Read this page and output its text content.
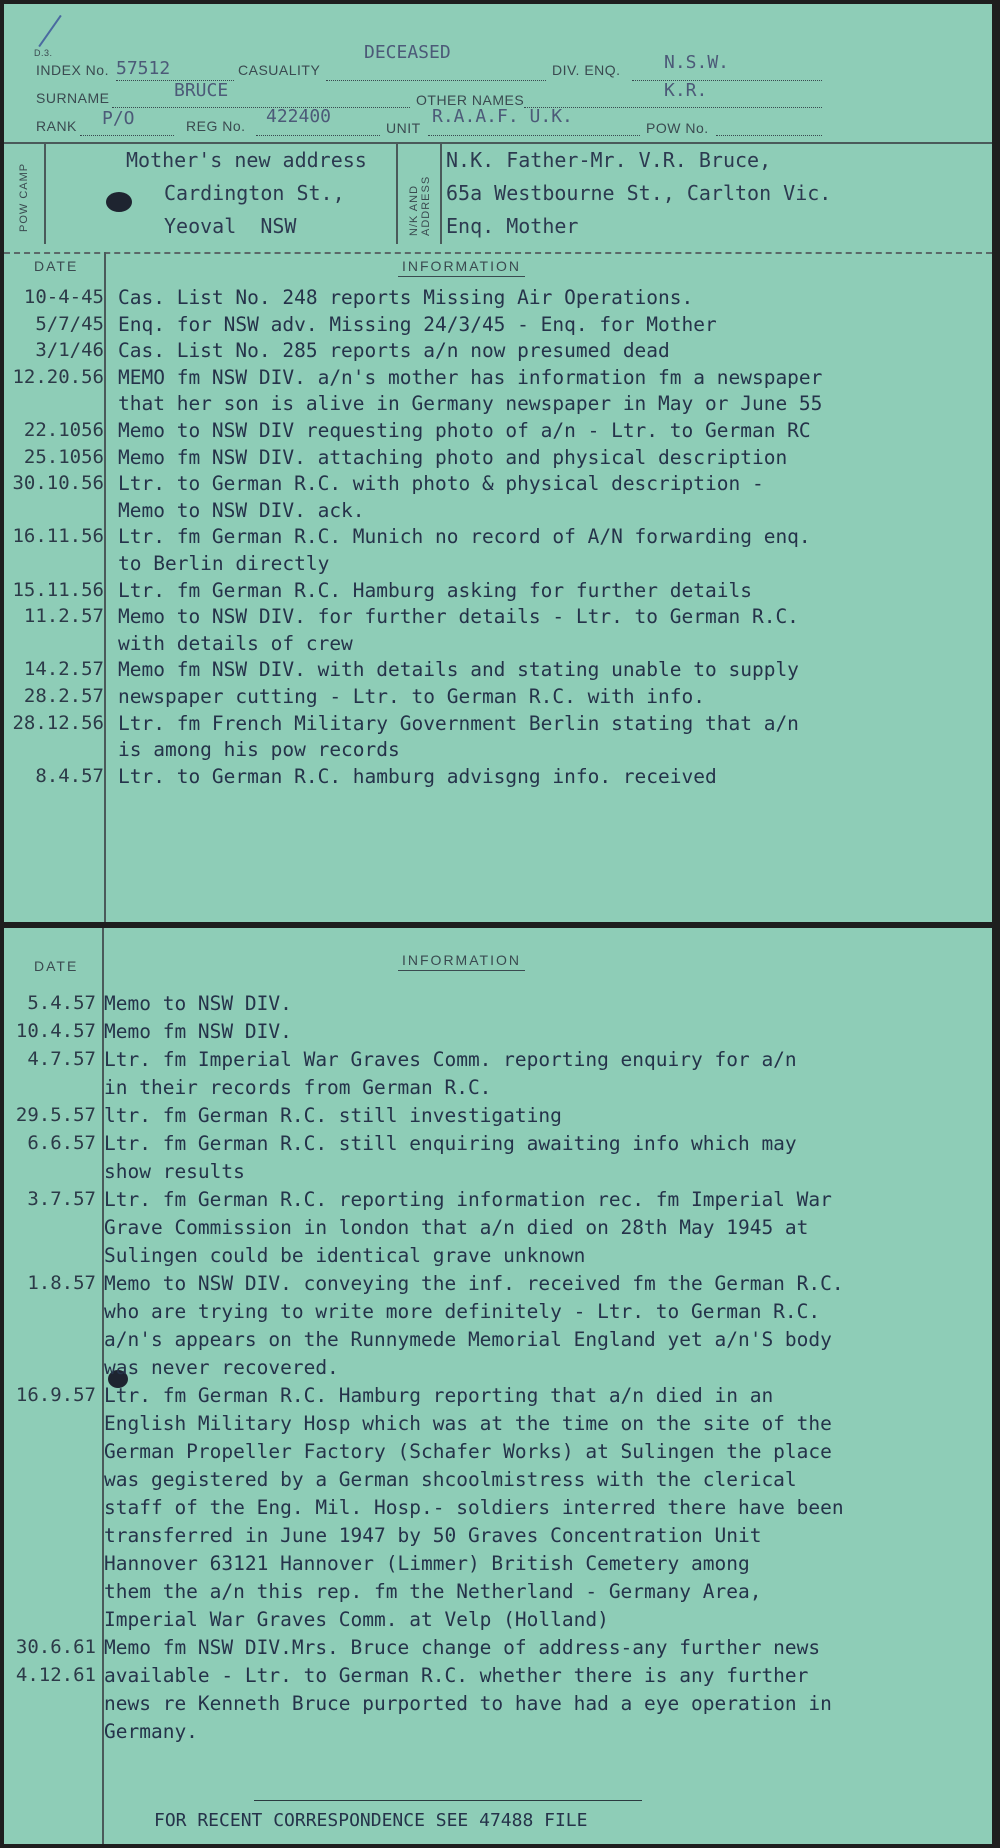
D.3.
INDEX No. 57512	CASUALITY
DECEASED
DIV. ENQ. N.S.W.
SURNAME	BRUCE	OTHER NAMES	K.R.
RANK P/O	REG No. 422400
UNIT
R.A.A.F. U.K.
POW No.
POW CAMP
Mother's new address
Cardington St.,
Yeoval  NSW	N/K AND ADDRESS
N.K. Father-Mr. V.R. Bruce,
65a Westbourne St., Carlton Vic.
Enq. Mother
DATE	INFORMATION
10-4-45 Cas. List No. 248 reports Missing Air Operations.
5/7/45 Enq. for NSW adv. Missing 24/3/45 - Enq. for Mother
3/1/46 Cas. List No. 285 reports a/n now presumed dead
12.20.56 MEMO fm NSW DIV. a/n's mother has information fm a newspaper
that her son is alive in Germany newspaper in May or June 55
22.1056 Memo to NSW DIV requesting photo of a/n - Ltr. to German RC
25.1056 Memo fm NSW DIV. attaching photo and physical description
30.10.56 Ltr. to German R.C. with photo & physical description -
Memo to NSW DIV. ack.
16.11.56 Ltr. fm German R.C. Munich no record of A/N forwarding enq.
to Berlin directly
15.11.56 Ltr. fm German R.C. Hamburg asking for further details
11.2.57 Memo to NSW DIV. for further details - Ltr. to German R.C.
with details of crew
14.2.57 Memo fm NSW DIV. with details and stating unable to supply
28.2.57 newspaper cutting - Ltr. to German R.C. with info.
28.12.56 Ltr. fm French Military Government Berlin stating that a/n
is among his pow records
8.4.57 Ltr. to German R.C. hamburg advisgng info. received
DATE	INFORMATION
5.4.57 Memo to NSW DIV.
10.4.57 Memo fm NSW DIV.
4.7.57 Ltr. fm Imperial War Graves Comm. reporting enquiry for a/n
in their records from German R.C.
29.5.57 ltr. fm German R.C. still investigating
6.6.57 Ltr. fm German R.C. still enquiring awaiting info which may
show results
3.7.57 Ltr. fm German R.C. reporting information rec. fm Imperial War
Grave Commission in london that a/n died on 28th May 1945 at
Sulingen could be identical grave unknown
1.8.57 Memo to NSW DIV. conveying the inf. received fm the German R.C.
who are trying to write more definitely - Ltr. to German R.C.
a/n's appears on the Runnymede Memorial England yet a/n'S body
was never recovered.
16.9.57 Ltr. fm German R.C. Hamburg reporting that a/n died in an
English Military Hosp which was at the time on the site of the
German Propeller Factory (Schafer Works) at Sulingen the place
was gegistered by a German shcoolmistress with the clerical
staff of the Eng. Mil. Hosp.- soldiers interred there have been
transferred in June 1947 by 50 Graves Concentration Unit
Hannover 63121 Hannover (Limmer) British Cemetery among
them the a/n this rep. fm the Netherland - Germany Area,
Imperial War Graves Comm. at Velp (Holland)
30.6.61 Memo fm NSW DIV.Mrs. Bruce change of address-any further news
4.12.61 available - Ltr. to German R.C. whether there is any further
news re Kenneth Bruce purported to have had a eye operation in
Germany.
FOR RECENT CORRESPONDENCE SEE 47488 FILE
